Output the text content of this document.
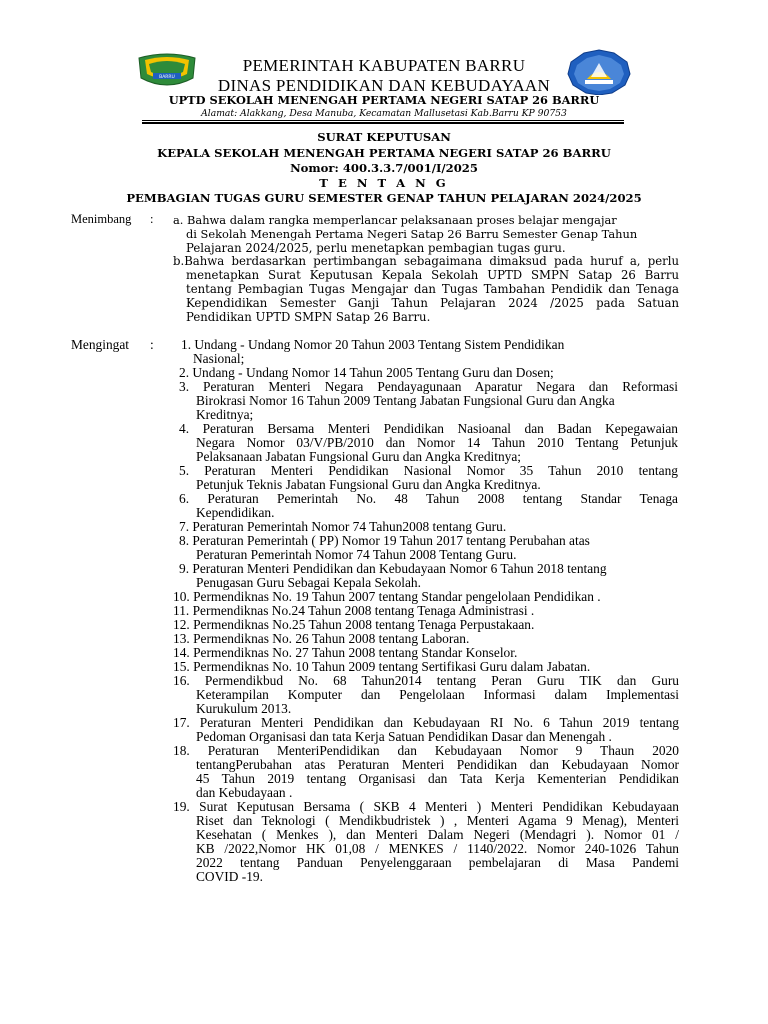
BARRU
PEMERINTAH KABUPATEN BARRU
DINAS PENDIDIKAN DAN KEBUDAYAAN
UPTD SEKOLAH MENENGAH PERTAMA NEGERI SATAP 26 BARRU
Alamat: Alakkang, Desa Manuba, Kecamatan Mallusetasi Kab.Barru KP 90753
SURAT KEPUTUSAN
KEPALA SEKOLAH MENENGAH PERTAMA NEGERI SATAP 26 BARRU
Nomor: 400.3.3.7/001/I/2025
T E N T A N G
PEMBAGIAN TUGAS GURU SEMESTER GENAP TAHUN PELAJARAN 2024/2025
Menimbang : a. Bahwa dalam rangka memperlancar pelaksanaan proses belajar mengajar
di Sekolah Menengah Pertama Negeri Satap 26 Barru Semester Genap Tahun
Pelajaran 2024/2025, perlu menetapkan pembagian tugas guru.
b.Bahwa berdasarkan pertimbangan sebagaimana dimaksud pada huruf a, perlu
menetapkan Surat Keputusan Kepala Sekolah UPTD SMPN Satap 26 Barru
tentang Pembagian Tugas Mengajar dan Tugas Tambahan Pendidik dan Tenaga
Kependidikan Semester Ganji Tahun Pelajaran 2024 /2025 pada Satuan
Pendidikan UPTD SMPN Satap 26 Barru.
Mengingat : 1. Undang - Undang Nomor 20 Tahun 2003 Tentang Sistem Pendidikan
Nasional;
2. Undang - Undang Nomor 14 Tahun 2005 Tentang Guru dan Dosen;
3. Peraturan Menteri Negara Pendayagunaan Aparatur Negara dan Reformasi
Birokrasi Nomor 16 Tahun 2009 Tentang Jabatan Fungsional Guru dan Angka
Kreditnya;
4. Peraturan Bersama Menteri Pendidikan Nasioanal dan Badan Kepegawaian
Negara Nomor 03/V/PB/2010 dan Nomor 14 Tahun 2010 Tentang Petunjuk
Pelaksanaan Jabatan Fungsional Guru dan Angka Kreditnya;
5. Peraturan Menteri Pendidikan Nasional Nomor 35 Tahun 2010 tentang
Petunjuk Teknis Jabatan Fungsional Guru dan Angka Kreditnya.
6. Peraturan Pemerintah No. 48 Tahun 2008 tentang Standar Tenaga
Kependidikan.
7. Peraturan Pemerintah Nomor 74 Tahun2008 tentang Guru.
8. Peraturan Pemerintah ( PP) Nomor 19 Tahun 2017 tentang Perubahan atas
Peraturan Pemerintah Nomor 74 Tahun 2008 Tentang Guru.
9. Peraturan Menteri Pendidikan dan Kebudayaan Nomor 6 Tahun 2018 tentang
Penugasan Guru Sebagai Kepala Sekolah.
10. Permendiknas No. 19 Tahun 2007 tentang Standar pengelolaan Pendidikan .
11. Permendiknas No.24 Tahun 2008 tentang Tenaga Administrasi .
12. Permendiknas No.25 Tahun 2008 tentang Tenaga Perpustakaan.
13. Permendiknas No. 26 Tahun 2008 tentang Laboran.
14. Permendiknas No. 27 Tahun 2008 tentang Standar Konselor.
15. Permendiknas No. 10 Tahun 2009 tentang Sertifikasi Guru dalam Jabatan.
16. Permendikbud No. 68 Tahun2014 tentang Peran Guru TIK dan Guru
Keterampilan Komputer dan Pengelolaan Informasi dalam Implementasi
Kurukulum 2013.
17. Peraturan Menteri Pendidikan dan Kebudayaan RI No. 6 Tahun 2019 tentang
Pedoman Organisasi dan tata Kerja Satuan Pendidikan Dasar dan Menengah .
18. Peraturan MenteriPendidikan dan Kebudayaan Nomor 9 Thaun 2020
tentangPerubahan atas Peraturan Menteri Pendidikan dan Kebudayaan Nomor
45 Tahun 2019 tentang Organisasi dan Tata Kerja Kementerian Pendidikan
dan Kebudayaan .
19. Surat Keputusan Bersama ( SKB 4 Menteri ) Menteri Pendidikan Kebudayaan
Riset dan Teknologi ( Mendikbudristek ) , Menteri Agama 9 Menag), Menteri
Kesehatan ( Menkes ), dan Menteri Dalam Negeri (Mendagri ). Nomor 01 /
KB /2022,Nomor HK 01,08 / MENKES / 1140/2022. Nomor 240-1026 Tahun
2022 tentang Panduan Penyelenggaraan pembelajaran di Masa Pandemi
COVID -19.
